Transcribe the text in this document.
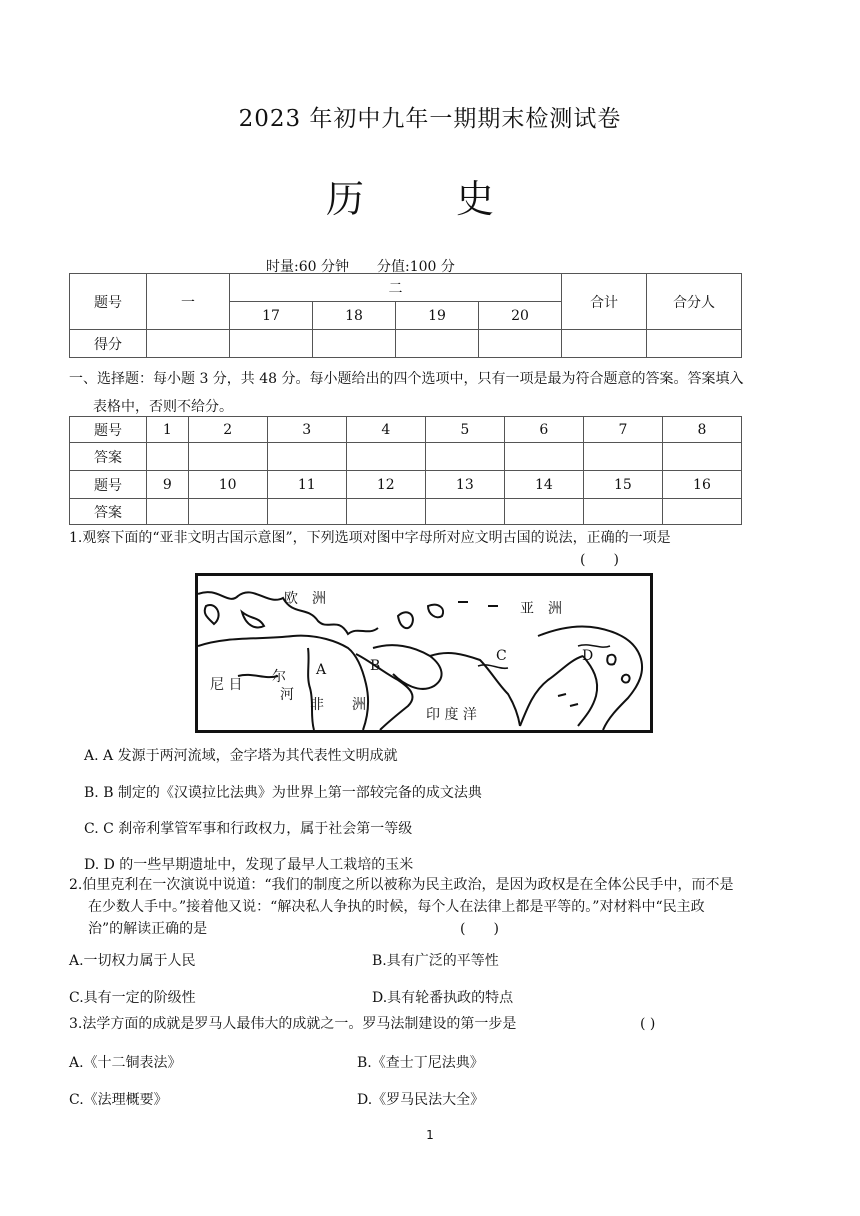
2023 年初中九年一期期末检测试卷
历 史
时量:60 分钟　　分值:100 分
题号	一	二				合计	合分人
		17	18	19	20		
得分							
一、选择题：每小题 3 分，共 48 分。每小题给出的四个选项中，只有一项是最为符合题意的答案。答案填入
表格中，否则不给分。
题号	1	2	3	4	5	6	7	8
答案								
题号	9	10	11	12	13	14	15	16
答案								
1.观察下面的“亚非文明古国示意图”，下列选项对图中字母所对应文明古国的说法，正确的一项是
(　　)
欧　洲
亚　洲
尼 日 尔
河
A	B
C	D
非　　洲
印 度 洋
A. A 发源于两河流域，金字塔为其代表性文明成就
B. B 制定的《汉谟拉比法典》为世界上第一部较完备的成文法典
C. C 刹帝利掌管军事和行政权力，属于社会第一等级
D. D 的一些早期遗址中，发现了最早人工栽培的玉米
2.伯里克利在一次演说中说道：“我们的制度之所以被称为民主政治，是因为政权是在全体公民手中，而不是
在少数人手中。”接着他又说：“解决私人争执的时候，每个人在法律上都是平等的。”对材料中“民主政
治”的解读正确的是	(　　)
A.一切权力属于人民	B.具有广泛的平等性
C.具有一定的阶级性	D.具有轮番执政的特点
3.法学方面的成就是罗马人最伟大的成就之一。罗马法制建设的第一步是	( )
A.《十二铜表法》	B.《查士丁尼法典》
C.《法理概要》	D.《罗马民法大全》
1
